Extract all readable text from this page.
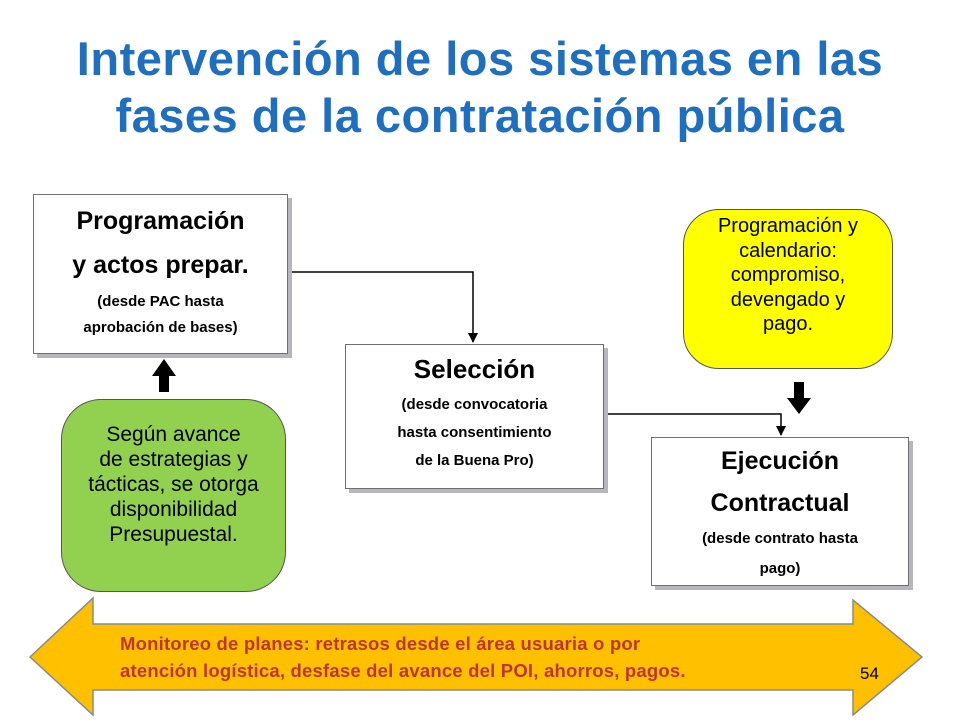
Intervención de los sistemas en las
fases de la contratación pública
Programación
y actos prepar.
(desde PAC hasta
aprobación de bases)
Selección
(desde convocatoria
hasta consentimiento
de la Buena Pro)	Ejecución
Contractual
(desde contrato hasta
pago)
Según avance
de estrategias y
tácticas, se otorga
disponibilidad
Presupuestal.
Programación y
calendario:
compromiso,
devengado y
pago.
Monitoreo de planes: retrasos desde el área usuaria o por
atención logística, desfase del avance del POI, ahorros, pagos.	54
